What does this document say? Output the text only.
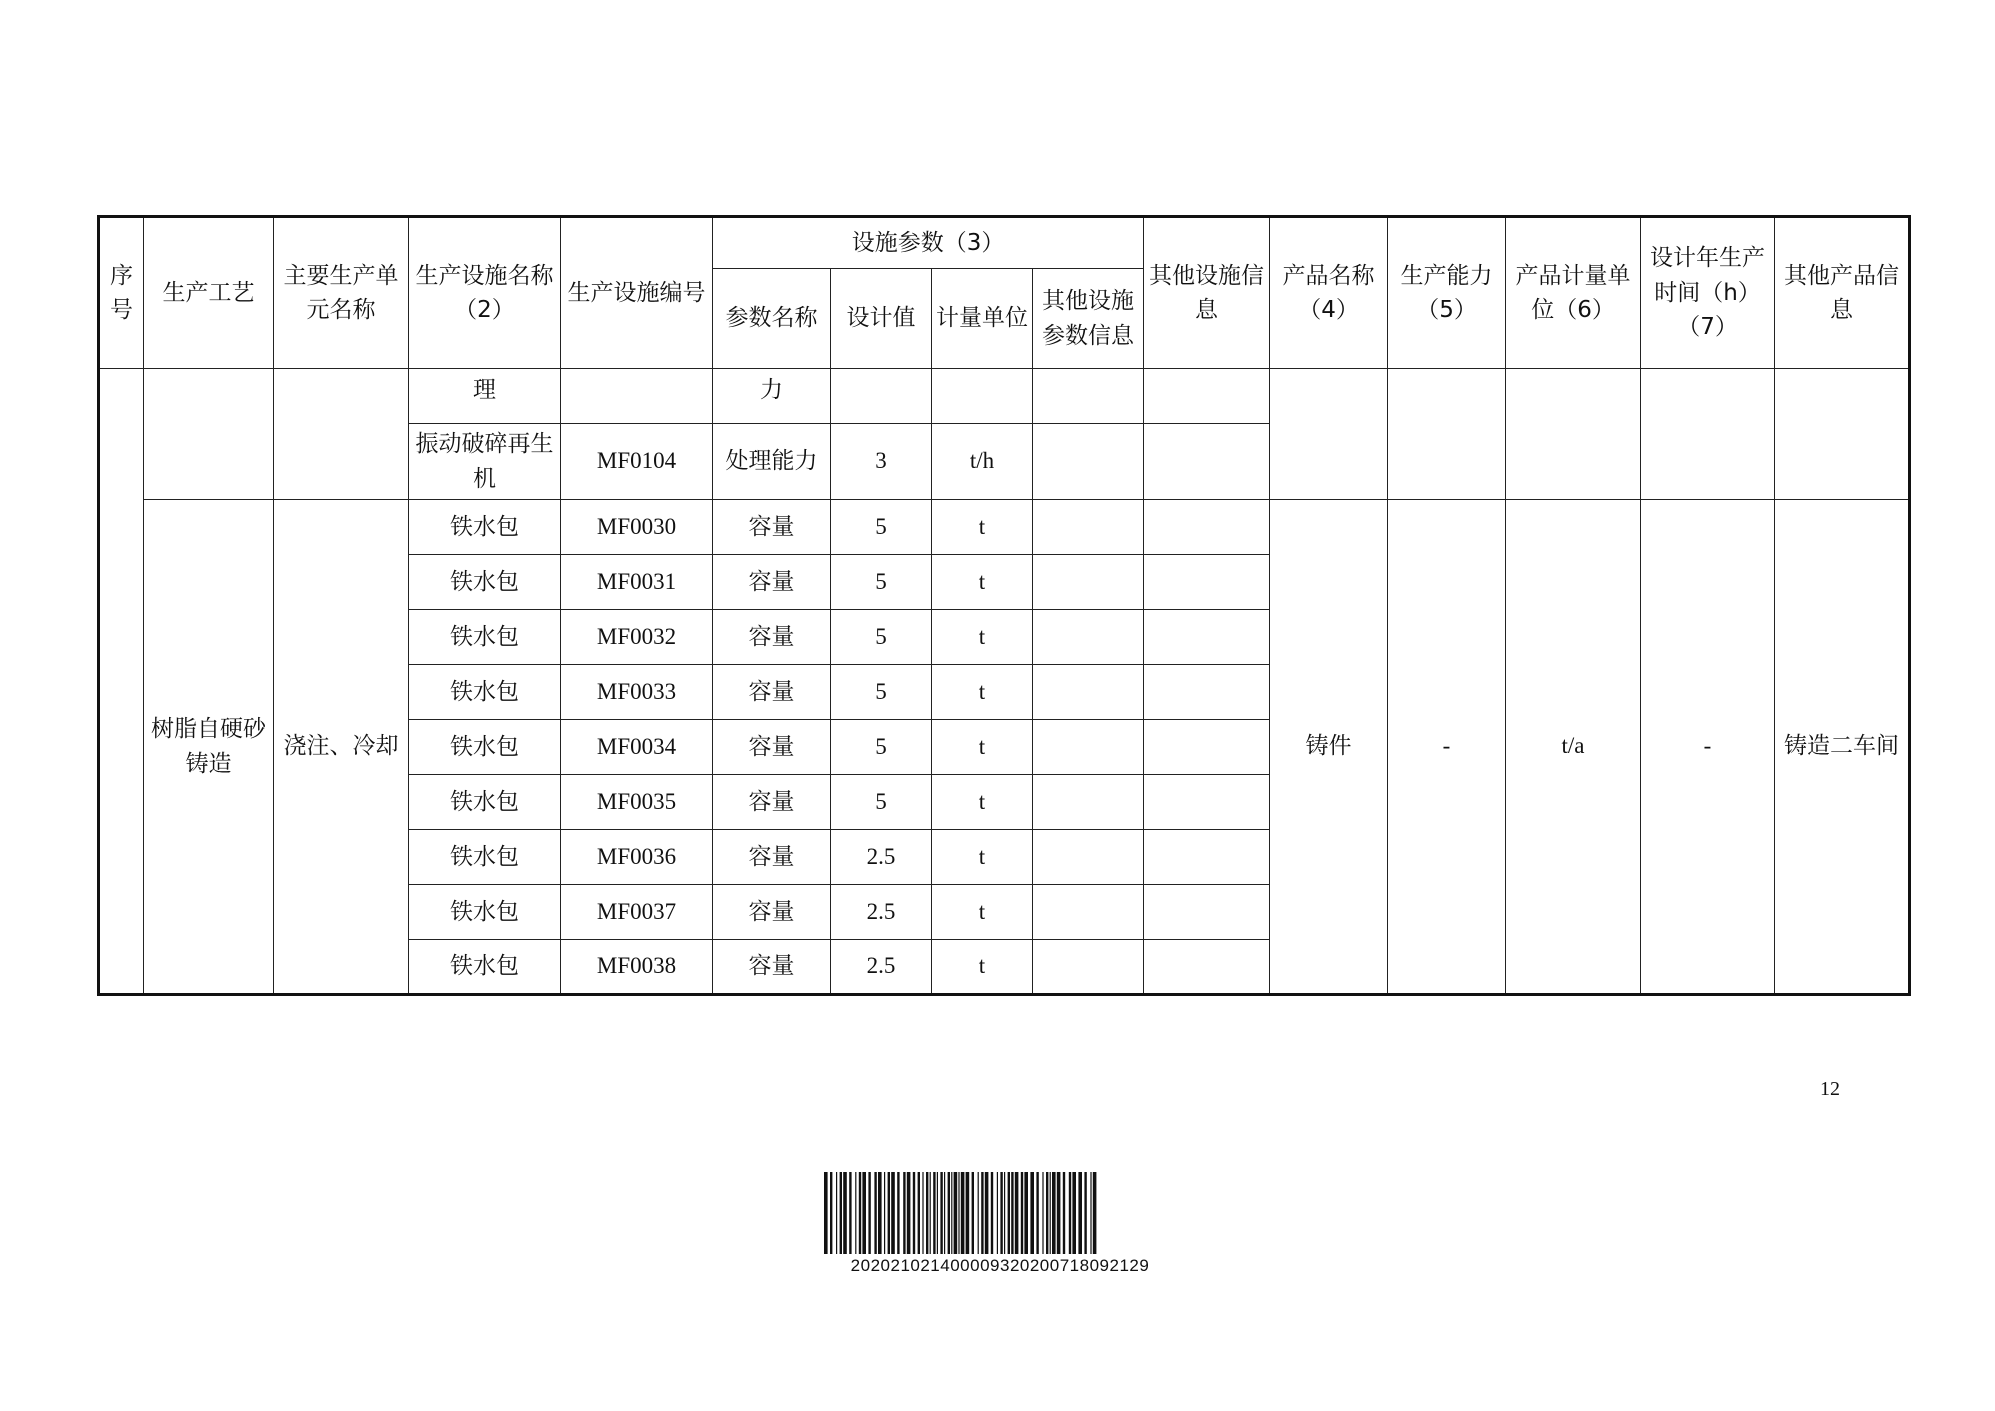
序号	生产工艺	主要生产单元名称	生产设施名称（2）	生产设施编号	设施参数（3）				其他设施信息	产品名称（4）	生产能力（5）	产品计量单位（6）	设计年生产时间（h）（7）	其他产品信息
					参数名称	设计值	计量单位	其他设施参数信息						
			理		力									
			振动破碎再生机	MF0104	处理能力	3	t/h							
	树脂自硬砂铸造	浇注、冷却	铁水包	MF0030	容量	5	t			铸件	-	t/a	-	铸造二车间
			铁水包	MF0031	容量	5	t							
			铁水包	MF0032	容量	5	t							
			铁水包	MF0033	容量	5	t							
			铁水包	MF0034	容量	5	t							
			铁水包	MF0035	容量	5	t							
			铁水包	MF0036	容量	2.5	t							
			铁水包	MF0037	容量	2.5	t							
			铁水包	MF0038	容量	2.5	t							
12
202021021400009320200718092129
